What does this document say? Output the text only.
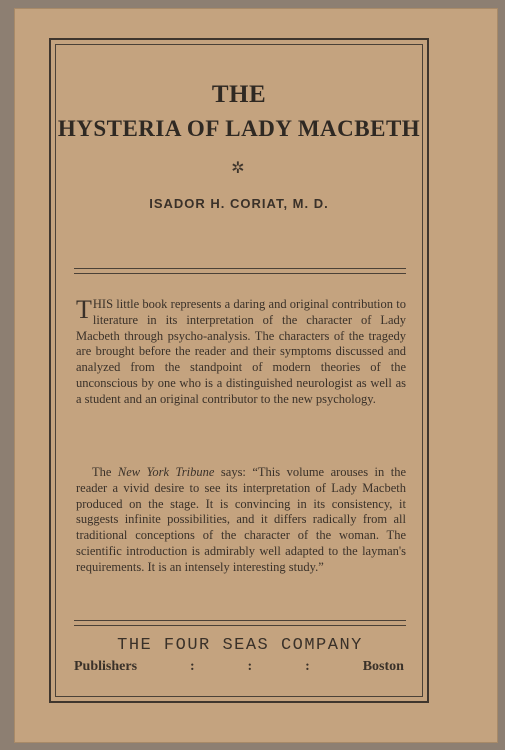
THE
HYSTERIA OF LADY MACBETH
✲
ISADOR H. CORIAT, M. D.

THIS little book represents a daring and original contribution to literature in its interpretation of the character of Lady Macbeth through psycho-analysis. The characters of the tragedy are brought before the reader and their symptoms discussed and analyzed from the standpoint of modern theories of the unconscious by one who is a distinguished neurologist as well as a student and an original contributor to the new psychology.

The New York Tribune says: “This volume arouses in the reader a vivid desire to see its interpretation of Lady Macbeth produced on the stage. It is convincing in its consistency, it suggests infinite possibilities, and it differs radically from all traditional conceptions of the character of the woman. The scientific introduction is admirably well adapted to the layman's requirements. It is an intensely interesting study.”

THE FOUR SEAS COMPANY
Publishers	:	:	:	Boston
